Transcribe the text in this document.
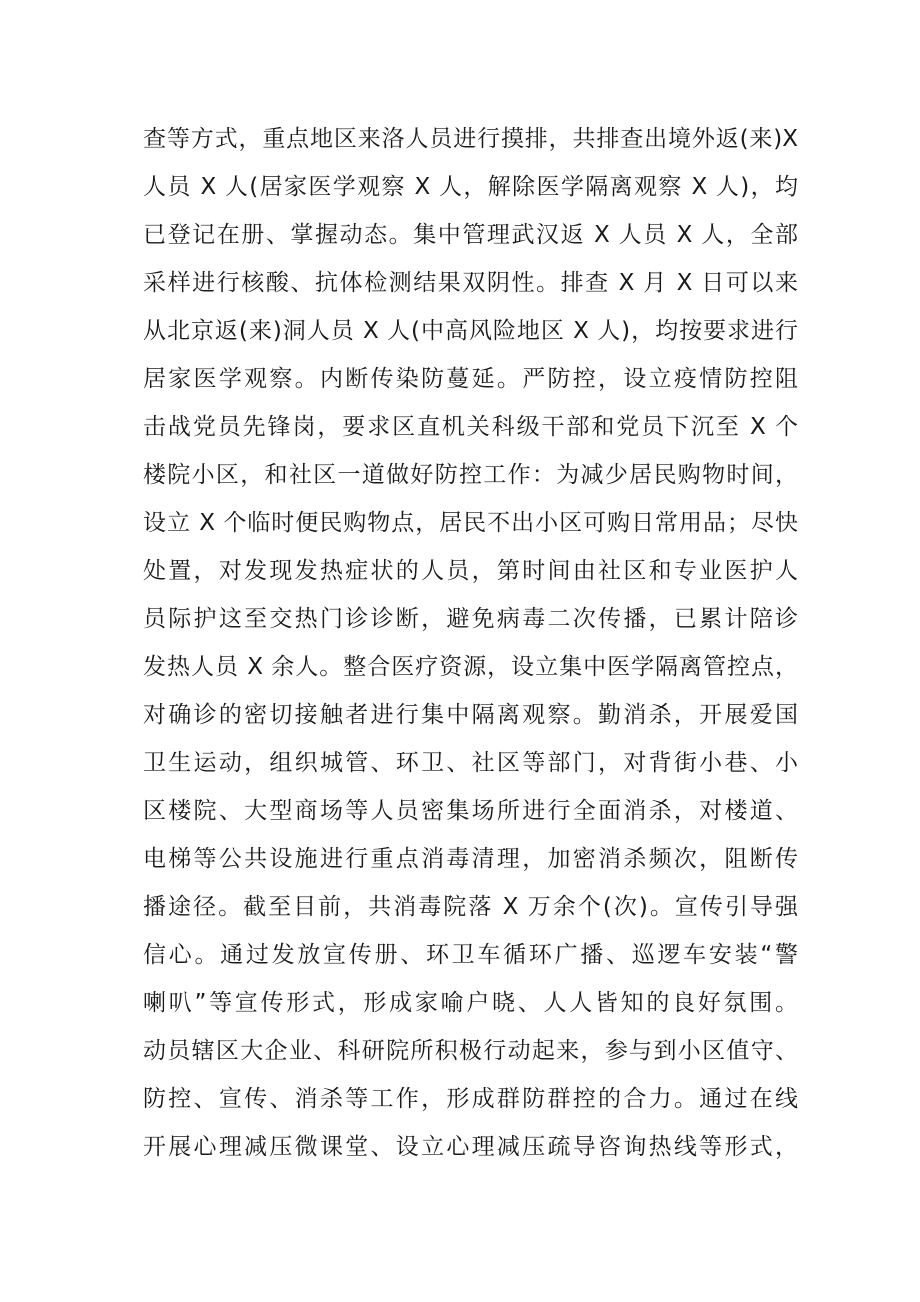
查等方式，重点地区来洛人员进行摸排，共排查出境外返(来)X
人员 X 人(居家医学观察 X 人，解除医学隔离观察 X 人)，均
已登记在册、掌握动态。集中管理武汉返 X 人员 X 人，全部
采样进行核酸、抗体检测结果双阴性。排查 X 月 X 日可以来
从北京返(来)洞人员 X 人(中高风险地区 X 人)，均按要求进行
居家医学观察。内断传染防蔓延。严防控，设立疫情防控阻
击战党员先锋岗，要求区直机关科级干部和党员下沉至 X 个
楼院小区，和社区一道做好防控工作：为减少居民购物时间，
设立 X 个临时便民购物点，居民不出小区可购日常用品；尽快
处置，对发现发热症状的人员，第时间由社区和专业医护人
员际护这至交热门诊诊断，避免病毒二次传播，已累计陪诊
发热人员 X 余人。整合医疗资源，设立集中医学隔离管控点，
对确诊的密切接触者进行集中隔离观察。勤消杀，开展爱国
卫生运动，组织城管、环卫、社区等部门，对背街小巷、小
区楼院、大型商场等人员密集场所进行全面消杀，对楼道、
电梯等公共设施进行重点消毒清理，加密消杀频次，阻断传
播途径。截至目前，共消毒院落 X 万余个(次)。宣传引导强
信心。通过发放宣传册、环卫车循环广播、巡逻车安装“警
喇叭”等宣传形式，形成家喻户晓、人人皆知的良好氛围。
动员辖区大企业、科研院所积极行动起来，参与到小区值守、
防控、宣传、消杀等工作，形成群防群控的合力。通过在线
开展心理减压微课堂、设立心理减压疏导咨询热线等形式，
